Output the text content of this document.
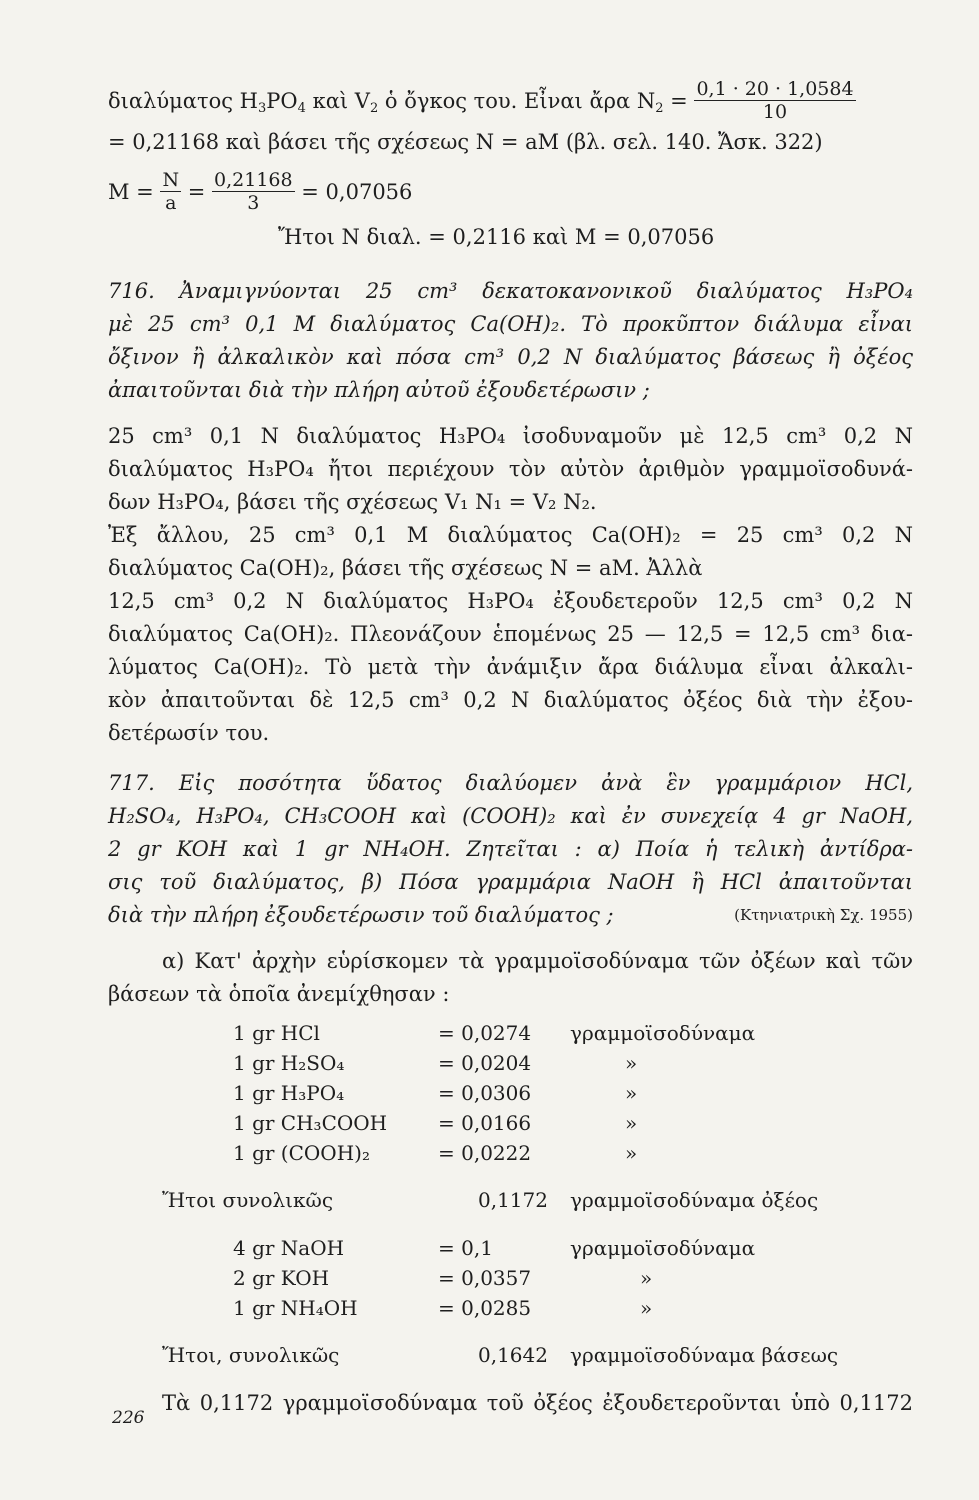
διαλύματος $H_3PO_4$ καὶ $V_2$ ὁ ὄγκος του. Εἶναι ἄρα $N_2 = \frac{0,1 \cdot 20 \cdot 1,0584}{10}$
= 0,21168 καὶ βάσει τῆς σχέσεως N = aM (βλ. σελ. 140. Ἄσκ. 322)
$M = \frac{N}{a} = \frac{0,21168}{3} = 0,07056$
Ἤτοι N διαλ. = 0,2116 καὶ M = 0,07056
716. Ἀναμιγνύονται 25 cm³ δεκατοκανονικοῦ διαλύματος H₃PO₄
μὲ 25 cm³ 0,1 M διαλύματος Ca(OH)₂. Τὸ προκῦπτον διάλυμα εἶναι
ὄξινον ἢ ἀλκαλικὸν καὶ πόσα cm³ 0,2 N διαλύματος βάσεως ἢ ὀξέος
ἀπαιτοῦνται διὰ τὴν πλήρη αὐτοῦ ἐξουδετέρωσιν ;
25 cm³ 0,1 N διαλύματος H₃PO₄ ἰσοδυναμοῦν μὲ 12,5 cm³ 0,2 N
διαλύματος H₃PO₄ ἤτοι περιέχουν τὸν αὐτὸν ἀριθμὸν γραμμοϊσοδυνά-
δων H₃PO₄, βάσει τῆς σχέσεως V₁ N₁ = V₂ N₂.
Ἐξ ἄλλου, 25 cm³ 0,1 M διαλύματος Ca(OH)₂ = 25 cm³ 0,2 N
διαλύματος Ca(OH)₂, βάσει τῆς σχέσεως N = aM. Ἀλλὰ
12,5 cm³ 0,2 N διαλύματος H₃PO₄ ἐξουδετεροῦν 12,5 cm³ 0,2 N
διαλύματος Ca(OH)₂. Πλεονάζουν ἑπομένως 25 — 12,5 = 12,5 cm³ δια-
λύματος Ca(OH)₂. Τὸ μετὰ τὴν ἀνάμιξιν ἄρα διάλυμα εἶναι ἀλκαλι-
κὸν ἀπαιτοῦνται δὲ 12,5 cm³ 0,2 N διαλύματος ὀξέος διὰ τὴν ἐξου-
δετέρωσίν του.
717. Εἰς ποσότητα ὕδατος διαλύομεν ἀνὰ ἓν γραμμάριον HCl,
H₂SO₄, H₃PO₄, CH₃COOH καὶ (COOH)₂ καὶ ἐν συνεχείᾳ 4 gr NaOH,
2 gr KOH καὶ 1 gr NH₄OH. Ζητεῖται : α) Ποία ἡ τελικὴ ἀντίδρα-
σις τοῦ διαλύματος, β) Πόσα γραμμάρια NaOH ἢ HCl ἀπαιτοῦνται
διὰ τὴν πλήρη ἐξουδετέρωσιν τοῦ διαλύματος ;	(Κτηνιατρικὴ Σχ. 1955)
α) Κατ' ἀρχὴν εὑρίσκομεν τὰ γραμμοϊσοδύναμα τῶν ὀξέων καὶ τῶν
βάσεων τὰ ὁποῖα ἀνεμίχθησαν :
1 gr HCl	= 0,0274 γραμμοϊσοδύναμα
1 gr H₂SO₄	= 0,0204	»
1 gr H₃PO₄	= 0,0306	»
1 gr CH₃COOH	= 0,0166	»
1 gr (COOH)₂	= 0,0222	»
Ἤτοι συνολικῶς	0,1172 γραμμοϊσοδύναμα ὀξέος
4 gr NaOH	= 0,1	γραμμοϊσοδύναμα
2 gr KOH	= 0,0357	»
1 gr NH₄OH	= 0,0285	»
Ἤτοι, συνολικῶς	0,1642 γραμμοϊσοδύναμα βάσεως
Τὰ 0,1172 γραμμοϊσοδύναμα τοῦ ὀξέος ἐξουδετεροῦνται ὑπὸ 0,1172
226
